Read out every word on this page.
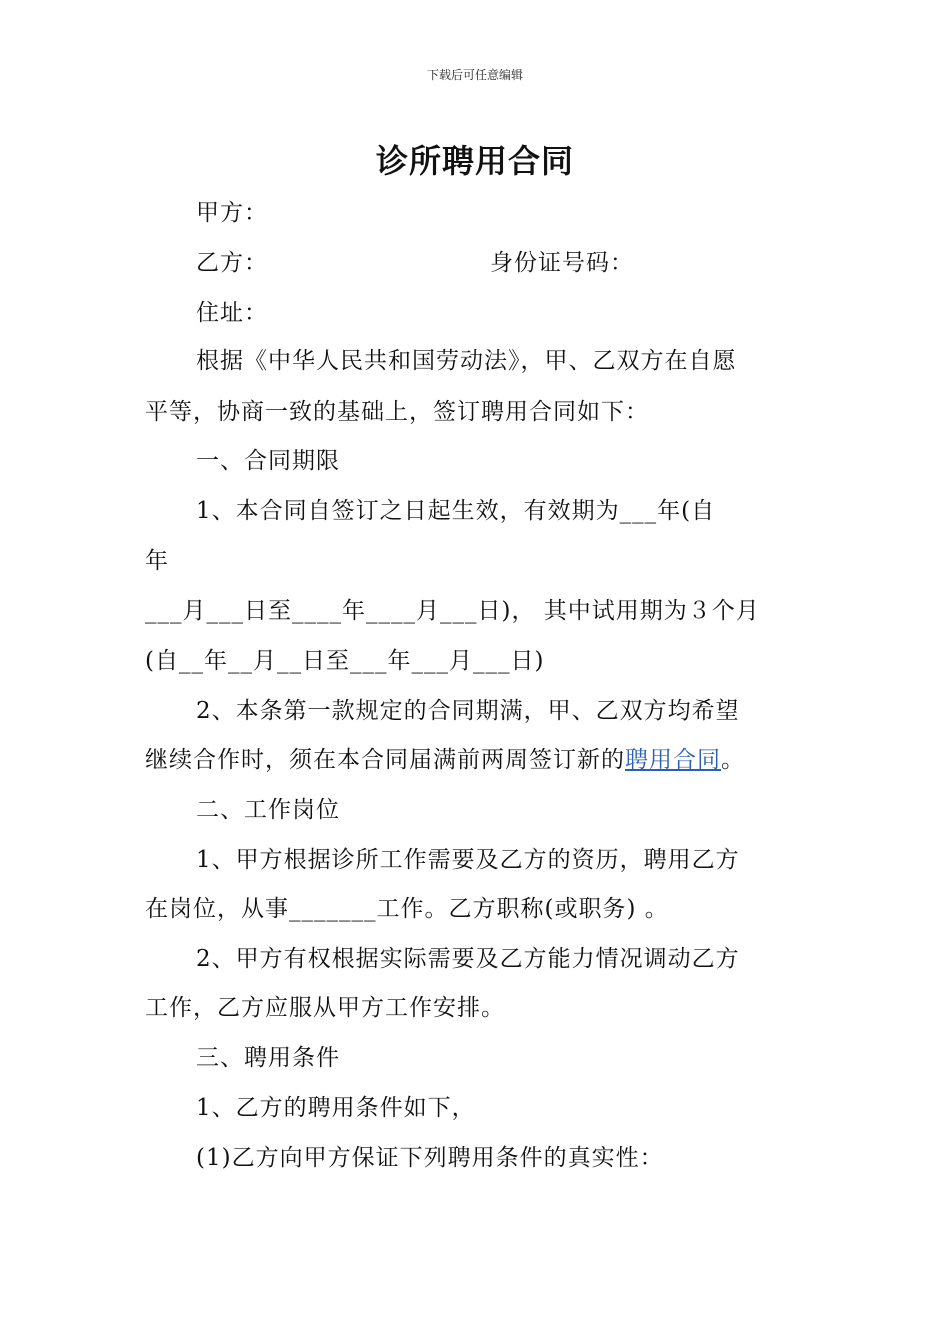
下载后可任意编辑
诊所聘用合同
甲方：
乙方：	身份证号码：
住址：
根据《中华人民共和国劳动法》，甲、乙双方在自愿
平等，协商一致的基础上，签订聘用合同如下：
一、合同期限
1、本合同自签订之日起生效，有效期为___年(自
年
___月___日至____年____月___日)， 其中试用期为３个月
(自__年__月__日至___年___月___日)
2、本条第一款规定的合同期满，甲、乙双方均希望
继续合作时，须在本合同届满前两周签订新的聘用合同。
二、工作岗位
1、甲方根据诊所工作需要及乙方的资历，聘用乙方
在岗位，从事_______工作。乙方职称(或职务) 。
2、甲方有权根据实际需要及乙方能力情况调动乙方
工作，乙方应服从甲方工作安排。
三、聘用条件
1、乙方的聘用条件如下，
(1)乙方向甲方保证下列聘用条件的真实性：
